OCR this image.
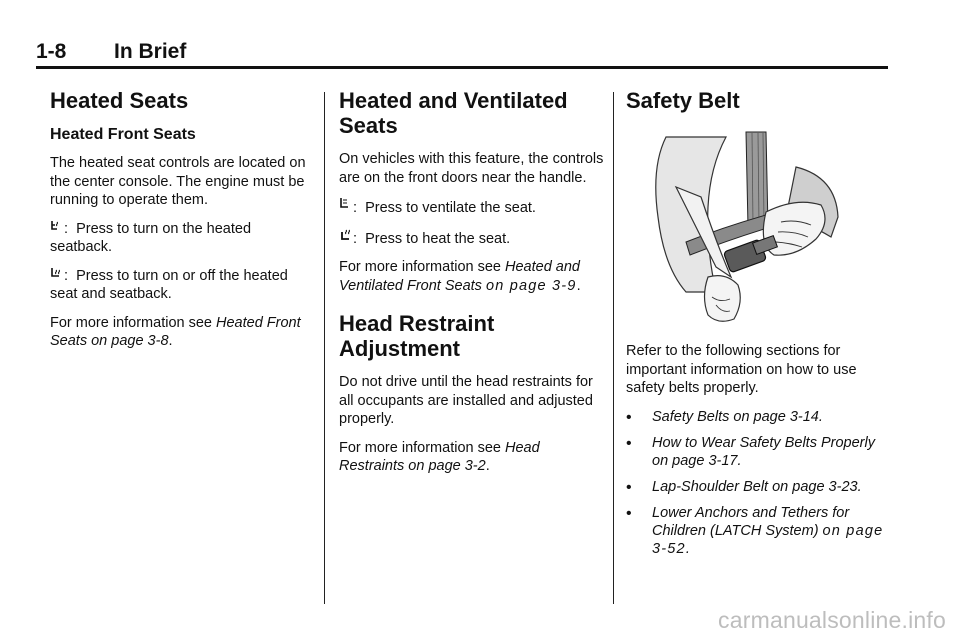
1-8 In Brief
Heated Seats
Heated Front Seats

The heated seat controls are located on the center console. The engine must be running to operate them.

:  Press to turn on the heated seatback.

:  Press to turn on or off the heated seat and seatback.

For more information see Heated Front Seats on page 3-8.

Heated and Ventilated Seats

On vehicles with this feature, the controls are on the front doors near the handle.

:  Press to ventilate the seat.

:  Press to heat the seat.

For more information see Heated and Ventilated Front Seats on page 3-9.

Head Restraint Adjustment

Do not drive until the head restraints for all occupants are installed and adjusted properly.

For more information see Head Restraints on page 3-2.

Safety Belt

Refer to the following sections for important information on how to use safety belts properly.

• Safety Belts on page 3-14.
• How to Wear Safety Belts Properly on page 3-17.
• Lap-Shoulder Belt on page 3-23.
• Lower Anchors and Tethers for Children (LATCH System) on page 3-52.
carmanualsonline.info
